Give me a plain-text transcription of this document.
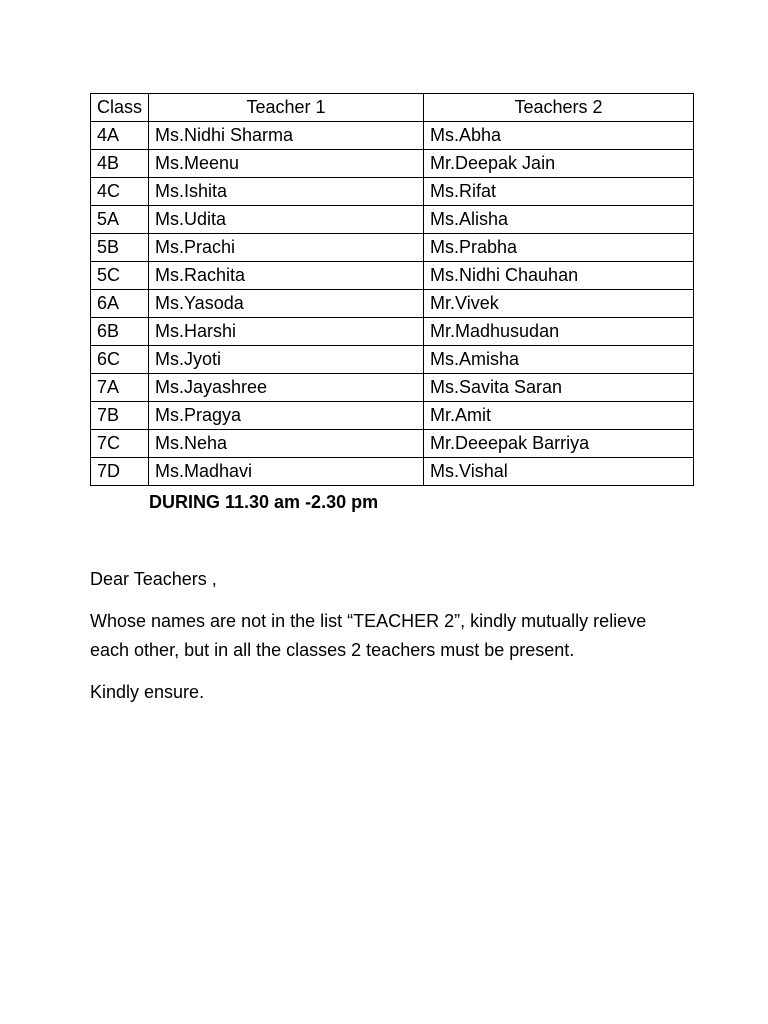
Class	Teacher 1	Teachers 2
4A	Ms.Nidhi Sharma	Ms.Abha
4B	Ms.Meenu	Mr.Deepak Jain
4C	Ms.Ishita	Ms.Rifat
5A	Ms.Udita	Ms.Alisha
5B	Ms.Prachi	Ms.Prabha
5C	Ms.Rachita	Ms.Nidhi Chauhan
6A	Ms.Yasoda	Mr.Vivek
6B	Ms.Harshi	Mr.Madhusudan
6C	Ms.Jyoti	Ms.Amisha
7A	Ms.Jayashree	Ms.Savita Saran
7B	Ms.Pragya	Mr.Amit
7C	Ms.Neha	Mr.Deeepak Barriya
7D	Ms.Madhavi	Ms.Vishal
DURING 11.30 am -2.30 pm
Dear Teachers ,
Whose names are not in the list “TEACHER 2”, kindly mutually relieve each other, but in all the classes 2 teachers must be present.
Kindly ensure.
